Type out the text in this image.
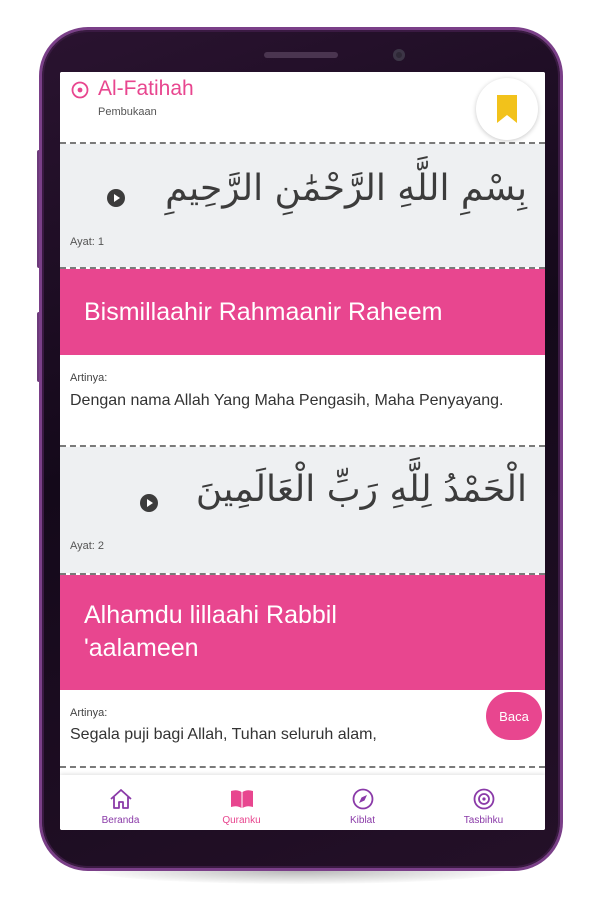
Al-Fatihah
Pembukaan
بِسْمِ اللَّهِ الرَّحْمَٰنِ الرَّحِيمِ
Ayat: 1
Bismillaahir Rahmaanir Raheem
Artinya:
Dengan nama Allah Yang Maha Pengasih, Maha Penyayang.
الْحَمْدُ لِلَّهِ رَبِّ الْعَالَمِينَ
Ayat: 2
Alhamdu lillaahi Rabbil 'aalameen
Artinya:
Segala puji bagi Allah, Tuhan seluruh alam,
Baca
Beranda	Quranku	Kiblat	Tasbihku
